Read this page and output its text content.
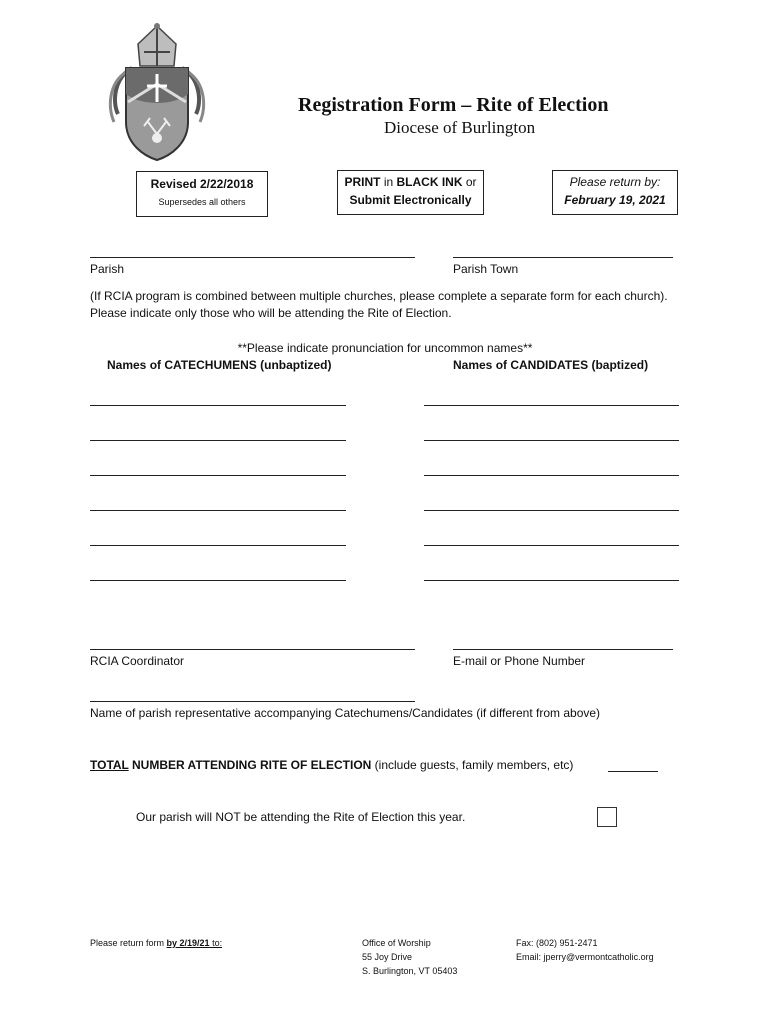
Registration Form – Rite of Election
Diocese of Burlington
Revised 2/22/2018
Supersedes all others
PRINT in BLACK INK or
Submit Electronically
Please return by:
February 19, 2021
Parish	Parish Town
(If RCIA program is combined between multiple churches, please complete a separate form for each church). Please indicate only those who will be attending the Rite of Election.
**Please indicate pronunciation for uncommon names**
Names of CATECHUMENS (unbaptized)	Names of CANDIDATES (baptized)
RCIA Coordinator	E-mail or Phone Number
Name of parish representative accompanying Catechumens/Candidates (if different from above)
TOTAL NUMBER ATTENDING RITE OF ELECTION (include guests, family members, etc)
Our parish will NOT be attending the Rite of Election this year.
Please return form by 2/19/21 to:	Office of Worship
55 Joy Drive
S. Burlington, VT 05403
Fax: (802) 951-2471
Email: jperry@vermontcatholic.org
